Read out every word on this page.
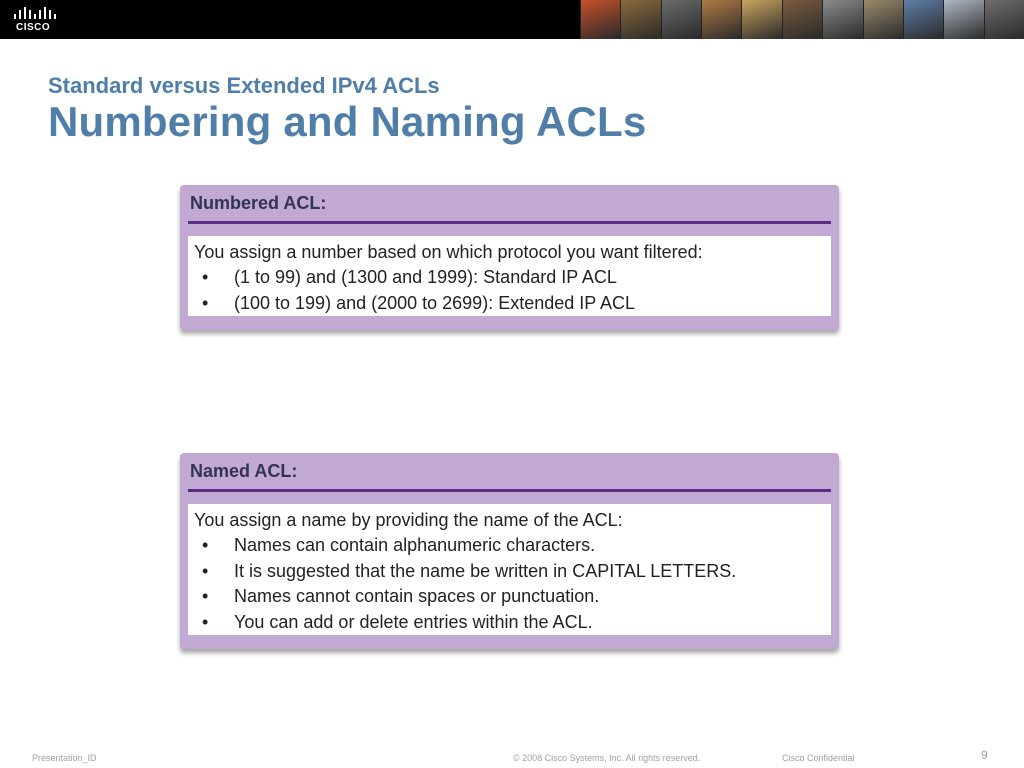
CISCO
Standard versus Extended IPv4 ACLs
Numbering and Naming ACLs
Numbered ACL:
You assign a number based on which protocol you want filtered:
• (1 to 99) and (1300 and 1999): Standard IP ACL
• (100 to 199) and (2000 to 2699): Extended IP ACL
Named ACL:
You assign a name by providing the name of the ACL:
• Names can contain alphanumeric characters.
• It is suggested that the name be written in CAPITAL LETTERS.
• Names cannot contain spaces or punctuation.
• You can add or delete entries within the ACL.
Presentation_ID	© 2008 Cisco Systems, Inc. All rights reserved.	Cisco Confidential	9
